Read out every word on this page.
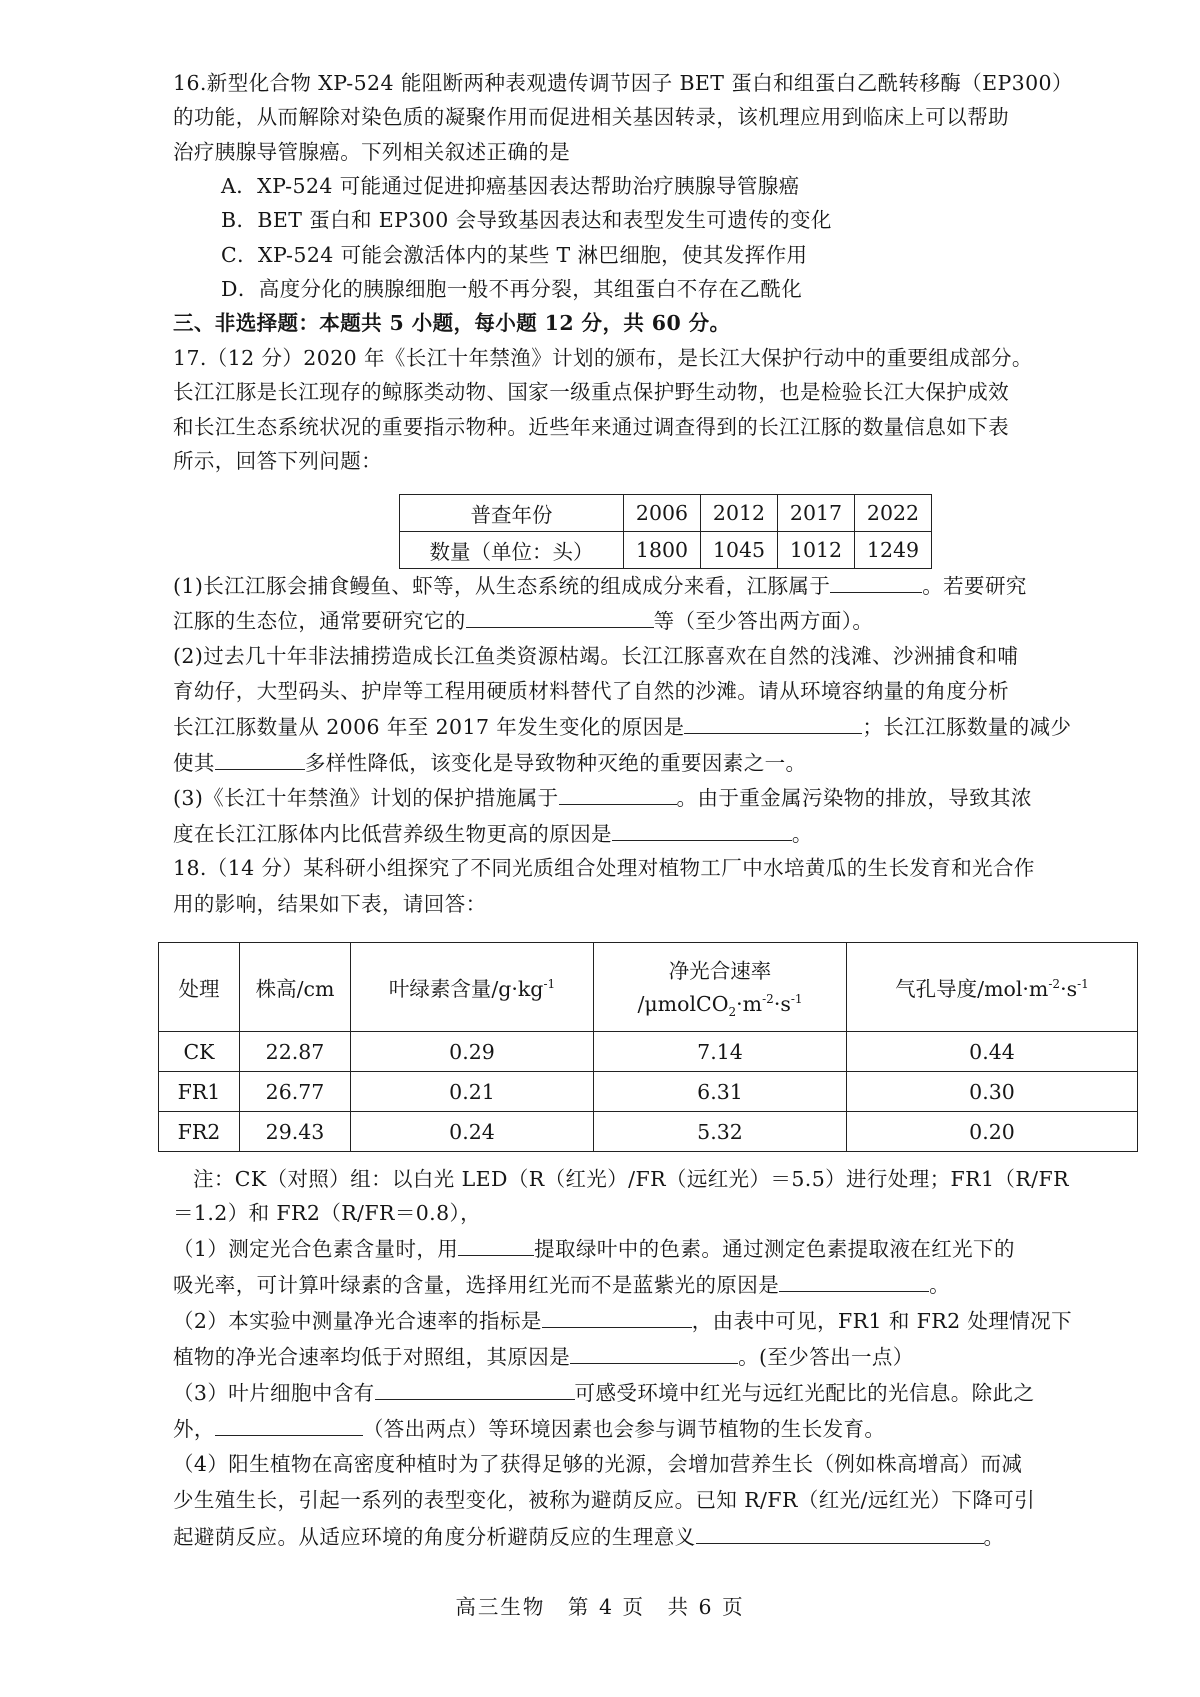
16.新型化合物 XP-524 能阻断两种表观遗传调节因子 BET 蛋白和组蛋白乙酰转移酶（EP300）
的功能，从而解除对染色质的凝聚作用而促进相关基因转录，该机理应用到临床上可以帮助
治疗胰腺导管腺癌。下列相关叙述正确的是
A．XP-524 可能通过促进抑癌基因表达帮助治疗胰腺导管腺癌
B．BET 蛋白和 EP300 会导致基因表达和表型发生可遗传的变化
C．XP-524 可能会激活体内的某些 T 淋巴细胞，使其发挥作用
D．高度分化的胰腺细胞一般不再分裂，其组蛋白不存在乙酰化
三、非选择题：本题共 5 小题，每小题 12 分，共 60 分。
17.（12 分）2020 年《长江十年禁渔》计划的颁布，是长江大保护行动中的重要组成部分。
长江江豚是长江现存的鲸豚类动物、国家一级重点保护野生动物，也是检验长江大保护成效
和长江生态系统状况的重要指示物种。近些年来通过调查得到的长江江豚的数量信息如下表
所示，回答下列问题：
普查年份	2006	2012	2017	2022
数量（单位：头）	1800	1045	1012	1249
(1)长江江豚会捕食鳗鱼、虾等，从生态系统的组成成分来看，江豚属于	。若要研究
江豚的生态位，通常要研究它的	等（至少答出两方面）。
(2)过去几十年非法捕捞造成长江鱼类资源枯竭。长江江豚喜欢在自然的浅滩、沙洲捕食和哺
育幼仔，大型码头、护岸等工程用硬质材料替代了自然的沙滩。请从环境容纳量的角度分析
长江江豚数量从 2006 年至 2017 年发生变化的原因是	；长江江豚数量的减少
使其	多样性降低，该变化是导致物种灭绝的重要因素之一。
(3)《长江十年禁渔》计划的保护措施属于	。由于重金属污染物的排放，导致其浓
度在长江江豚体内比低营养级生物更高的原因是	。
18.（14 分）某科研小组探究了不同光质组合处理对植物工厂中水培黄瓜的生长发育和光合作
用的影响，结果如下表，请回答：
处理	株高/cm	叶绿素含量$/g\cdot kg^{-1}$	净光合速率
$/\mu molCO_2\cdot m^{-2}\cdot s^{-1}$	气孔导度$/mol\cdot m^{-2}\cdot s^{-1}$
CK	22.87	0.29	7.14	0.44
FR1	26.77	0.21	6.31	0.30
FR2	29.43	0.24	5.32	0.20
注：CK（对照）组：以白光 LED（R（红光）/FR（远红光）＝5.5）进行处理；FR1（R/FR
＝1.2）和 FR2（R/FR＝0.8），
（1）测定光合色素含量时，用	提取绿叶中的色素。通过测定色素提取液在红光下的
吸光率，可计算叶绿素的含量，选择用红光而不是蓝紫光的原因是	。
（2）本实验中测量净光合速率的指标是	，由表中可见，FR1 和 FR2 处理情况下
植物的净光合速率均低于对照组，其原因是	。(至少答出一点）
（3）叶片细胞中含有	可感受环境中红光与远红光配比的光信息。除此之
外，	（答出两点）等环境因素也会参与调节植物的生长发育。
（4）阳生植物在高密度种植时为了获得足够的光源，会增加营养生长（例如株高增高）而减
少生殖生长，引起一系列的表型变化，被称为避荫反应。已知 R/FR（红光/远红光）下降可引
起避荫反应。从适应环境的角度分析避荫反应的生理意义	。
高三生物　第 4 页　共 6 页
